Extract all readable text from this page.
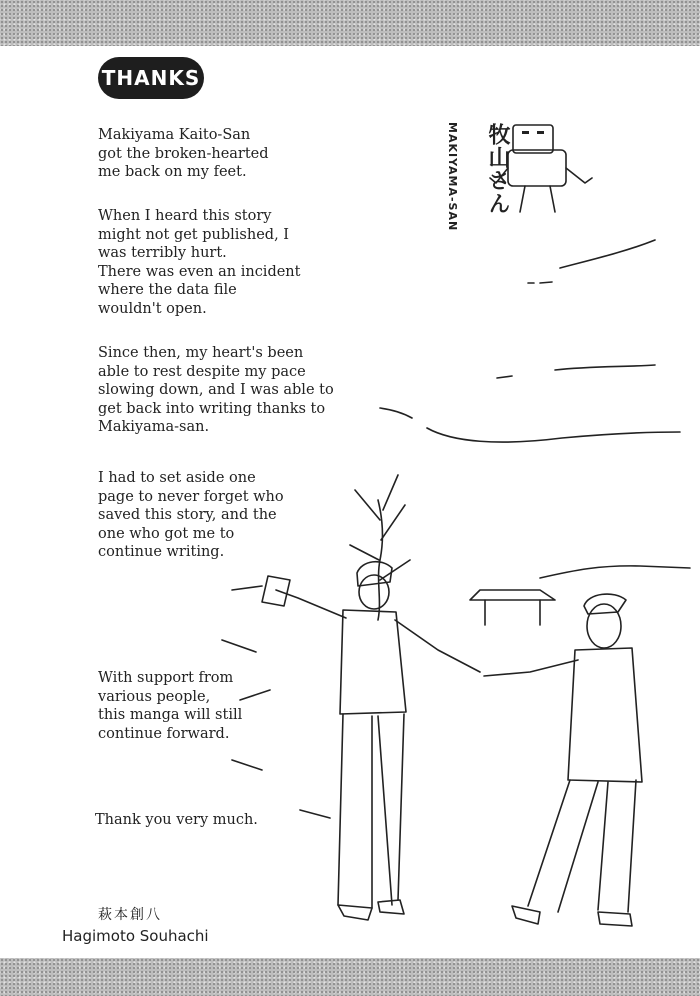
THANKS

Makiyama Kaito-San
got the broken-hearted
me back on my feet.

When I heard this story
might not get published, I
was terribly hurt.
There was even an incident
where the data file
wouldn't open.

Since then, my heart's been
able to rest despite my pace
slowing down, and I was able to
get back into writing thanks to
Makiyama-san.

I had to set aside one
page to never forget who
saved this story, and the
one who got me to
continue writing.

With support from
various people,
this manga will still
continue forward.

Thank you very much.

牧山さん
MAKIYAMA-SAN
萩本創八
Hagimoto Souhachi
